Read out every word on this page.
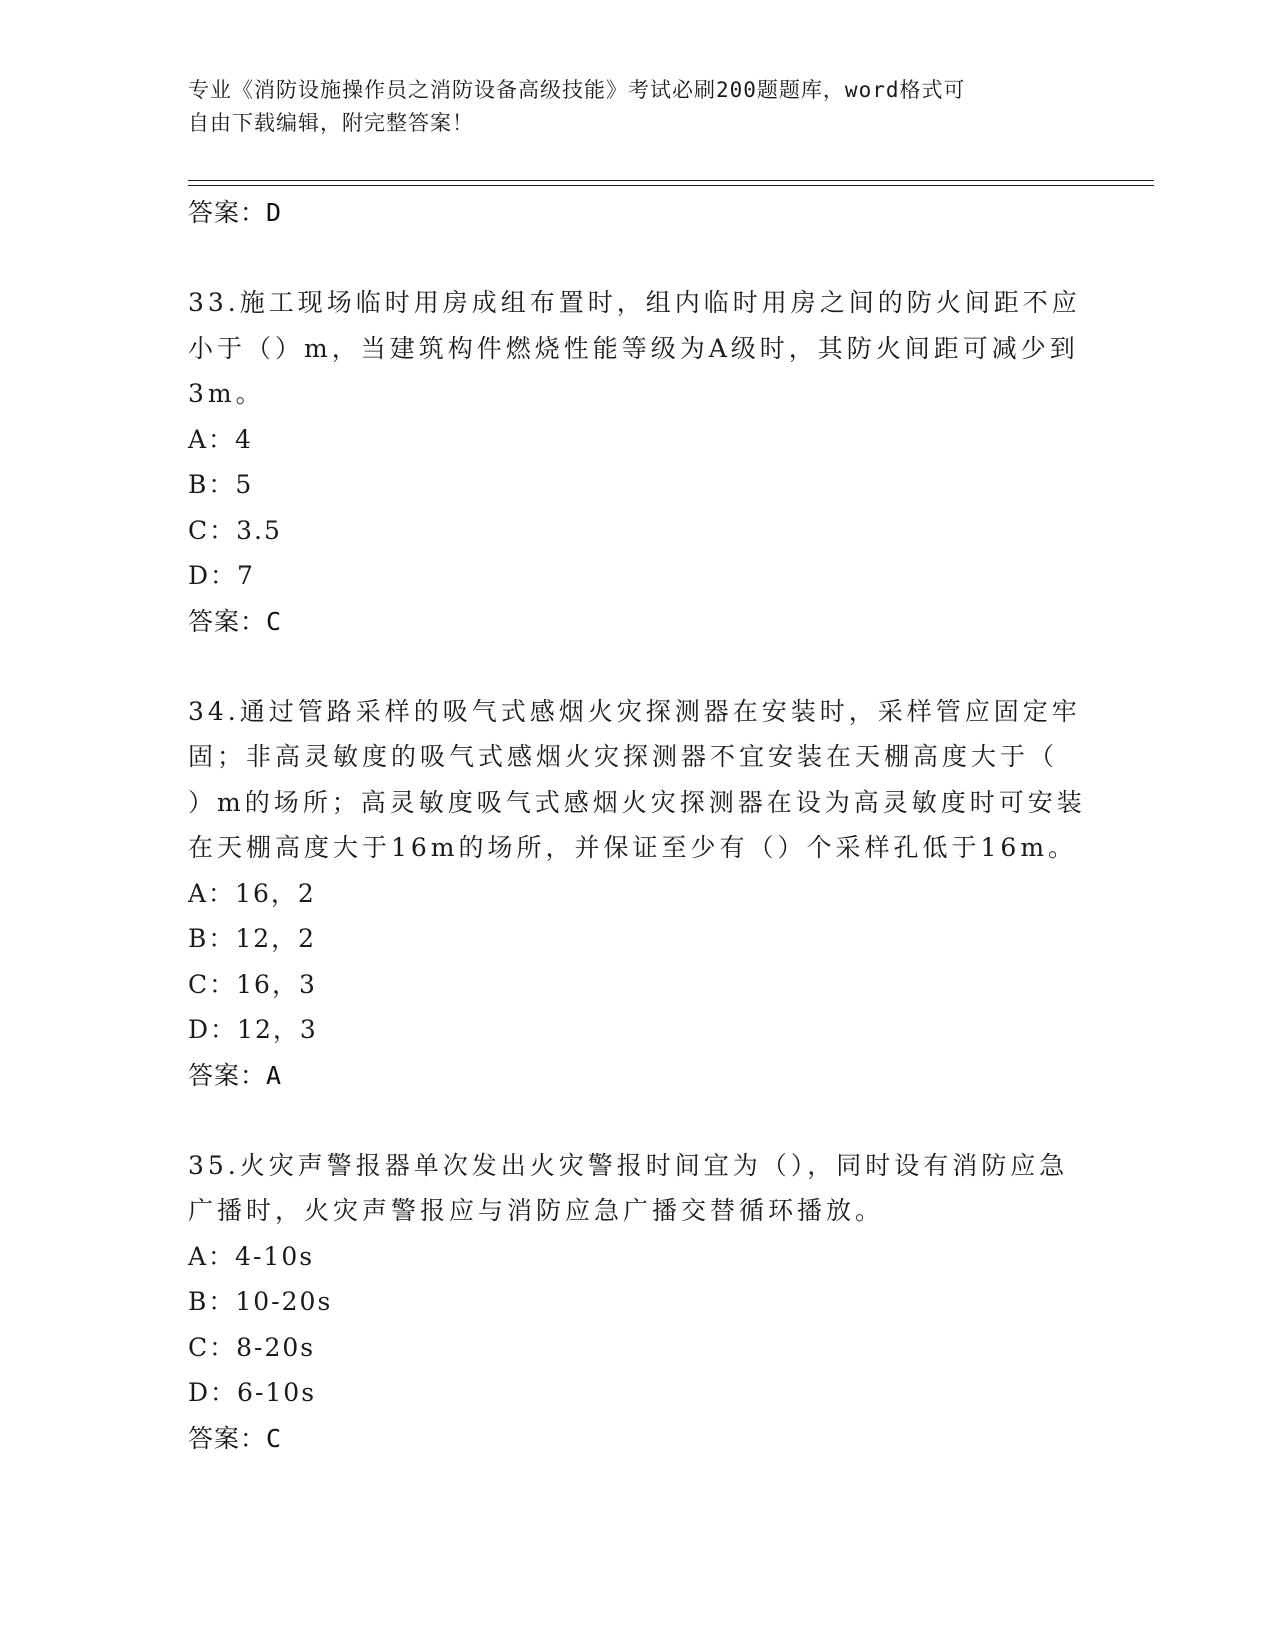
专业《消防设施操作员之消防设备高级技能》考试必刷200题题库，word格式可
自由下载编辑，附完整答案！
答案：D
33.施工现场临时用房成组布置时，组内临时用房之间的防火间距不应
小于（）m，当建筑构件燃烧性能等级为A级时，其防火间距可减少到
3m。
A：4
B：5
C：3.5
D：7
答案：C
34.通过管路采样的吸气式感烟火灾探测器在安装时，采样管应固定牢
固；非高灵敏度的吸气式感烟火灾探测器不宜安装在天棚高度大于（
）m的场所；高灵敏度吸气式感烟火灾探测器在设为高灵敏度时可安装
在天棚高度大于16m的场所，并保证至少有（）个采样孔低于16m。
A：16，2
B：12，2
C：16，3
D：12，3
答案：A
35.火灾声警报器单次发出火灾警报时间宜为（），同时设有消防应急
广播时，火灾声警报应与消防应急广播交替循环播放。
A：4-10s
B：10-20s
C：8-20s
D：6-10s
答案：C
